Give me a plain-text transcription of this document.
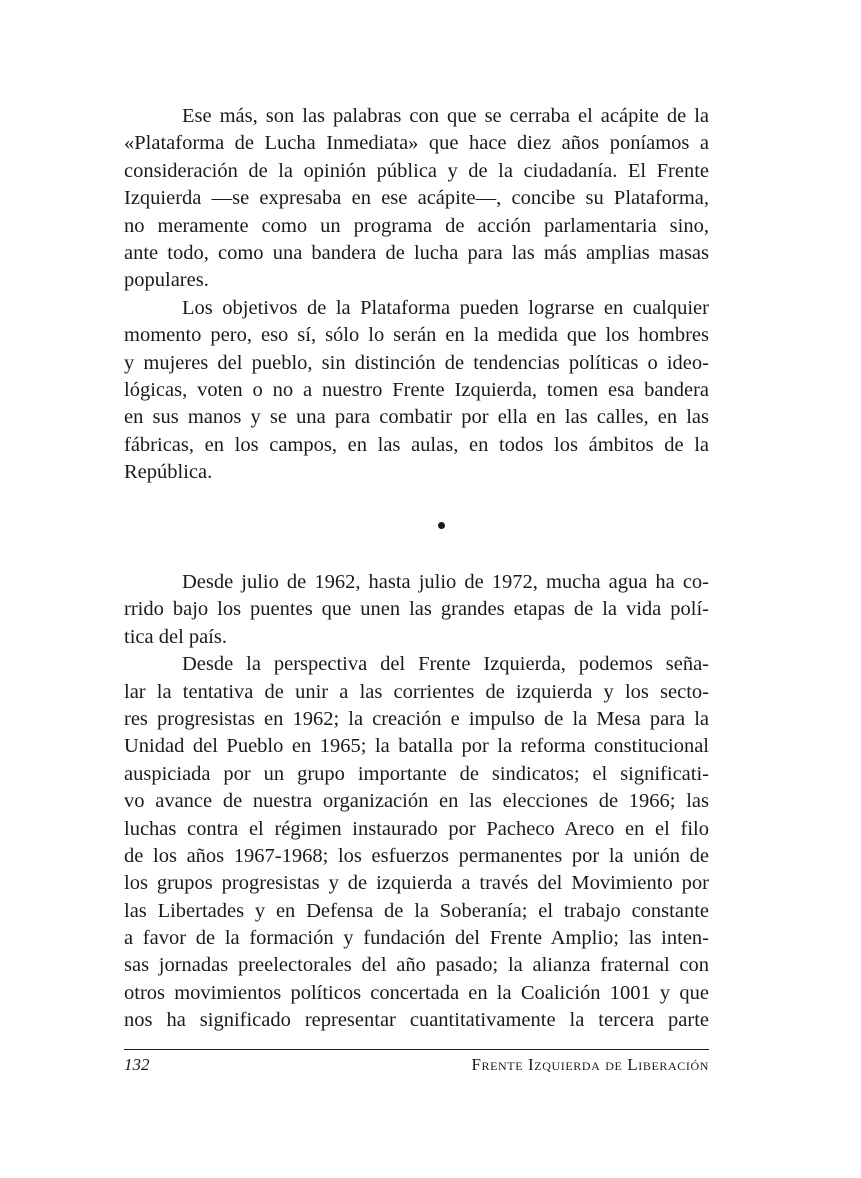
Ese más, son las palabras con que se cerraba el acápite de la
«Plataforma de Lucha Inmediata» que hace diez años poníamos a
consideración de la opinión pública y de la ciudadanía. El Frente
Izquierda —se expresaba en ese acápite—, concibe su Plataforma,
no meramente como un programa de acción parlamentaria sino,
ante todo, como una bandera de lucha para las más amplias masas
populares.
Los objetivos de la Plataforma pueden lograrse en cualquier
momento pero, eso sí, sólo lo serán en la medida que los hombres
y mujeres del pueblo, sin distinción de tendencias políticas o ideo-
lógicas, voten o no a nuestro Frente Izquierda, tomen esa bandera
en sus manos y se una para combatir por ella en las calles, en las
fábricas, en los campos, en las aulas, en todos los ámbitos de la
República.
Desde julio de 1962, hasta julio de 1972, mucha agua ha co-
rrido bajo los puentes que unen las grandes etapas de la vida polí-
tica del país.
Desde la perspectiva del Frente Izquierda, podemos seña-
lar la tentativa de unir a las corrientes de izquierda y los secto-
res progresistas en 1962; la creación e impulso de la Mesa para la
Unidad del Pueblo en 1965; la batalla por la reforma constitucional
auspiciada por un grupo importante de sindicatos; el significati-
vo avance de nuestra organización en las elecciones de 1966; las
luchas contra el régimen instaurado por Pacheco Areco en el filo
de los años 1967-1968; los esfuerzos permanentes por la unión de
los grupos progresistas y de izquierda a través del Movimiento por
las Libertades y en Defensa de la Soberanía; el trabajo constante
a favor de la formación y fundación del Frente Amplio; las inten-
sas jornadas preelectorales del año pasado; la alianza fraternal con
otros movimientos políticos concertada en la Coalición 1001 y que
nos ha significado representar cuantitativamente la tercera parte
132	Frente Izquierda de Liberación
